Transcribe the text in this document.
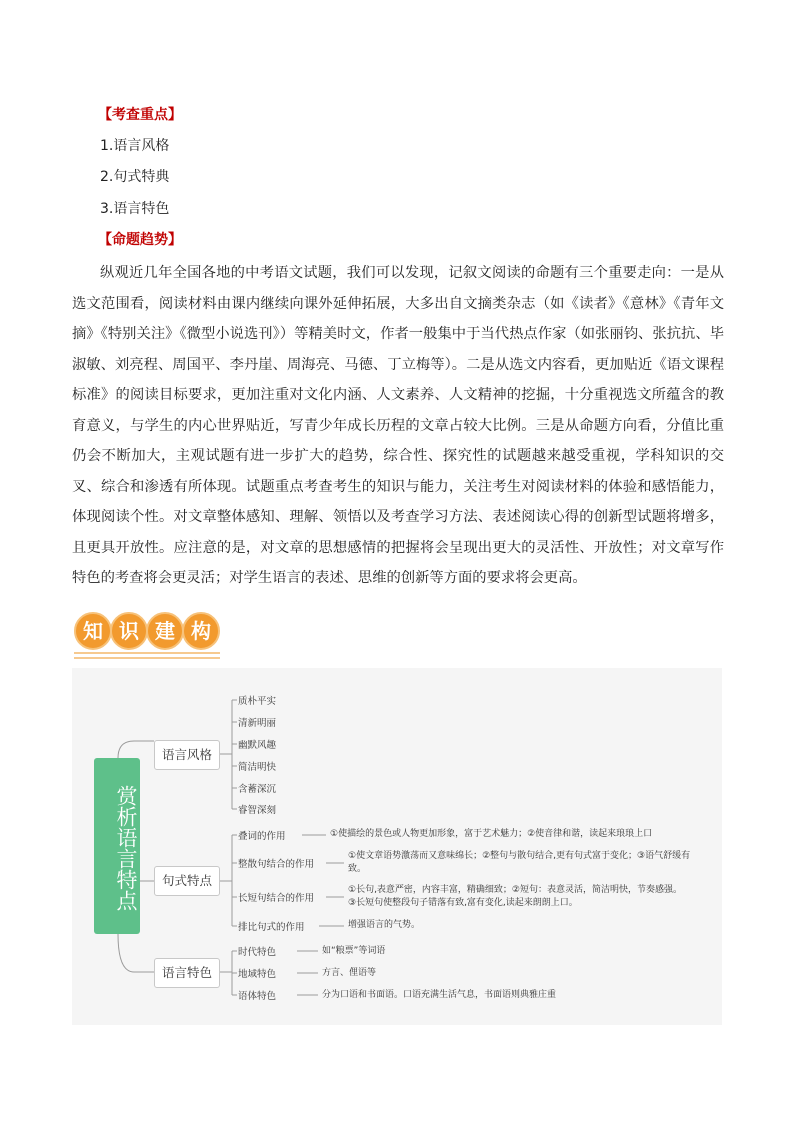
【考查重点】
1.语言风格
2.句式特典
3.语言特色
【命题趋势】

纵观近几年全国各地的中考语文试题，我们可以发现，记叙文阅读的命题有三个重要走向：一是从选文范围看，阅读材料由课内继续向课外延伸拓展，大多出自文摘类杂志（如《读者》《意林》《青年文摘》《特别关注》《微型小说选刊》）等精美时文，作者一般集中于当代热点作家（如张丽钧、张抗抗、毕淑敏、刘亮程、周国平、李丹崖、周海亮、马德、丁立梅等）。二是从选文内容看，更加贴近《语文课程标准》的阅读目标要求，更加注重对文化内涵、人文素养、人文精神的挖掘，十分重视选文所蕴含的教育意义，与学生的内心世界贴近，写青少年成长历程的文章占较大比例。三是从命题方向看，分值比重仍会不断加大，主观试题有进一步扩大的趋势，综合性、探究性的试题越来越受重视，学科知识的交叉、综合和渗透有所体现。试题重点考查考生的知识与能力，关注考生对阅读材料的体验和感悟能力，体现阅读个性。对文章整体感知、理解、领悟以及考查学习方法、表述阅读心得的创新型试题将增多，且更具开放性。应注意的是，对文章的思想感情的把握将会呈现出更大的灵活性、开放性；对文章写作特色的考查将会更灵活；对学生语言的表述、思维的创新等方面的要求将会更高。

知 识 建 构
赏析语言特点
语言风格
句式特点
语言特色
质朴平实
清新明丽
幽默风趣
简洁明快
含蓄深沉
睿智深刻
叠词的作用	①使描绘的景色或人物更加形象，富于艺术魅力；②使音律和谐，读起来琅琅上口
整散句结合的作用
①使文章语势激荡而又意味绵长；②整句与散句结合,更有句式富于变化；③语气舒缓有致。
长短句结合的作用
①长句,表意严密，内容丰富，精确细致；②短句：表意灵活，简洁明快，节奏感强。③长短句使整段句子错落有致,富有变化,读起来朗朗上口。
排比句式的作用	增强语言的气势。
时代特色	如“粮票”等词语
地域特色	方言、俚语等
语体特色	分为口语和书面语。口语充满生活气息，书面语则典雅庄重
